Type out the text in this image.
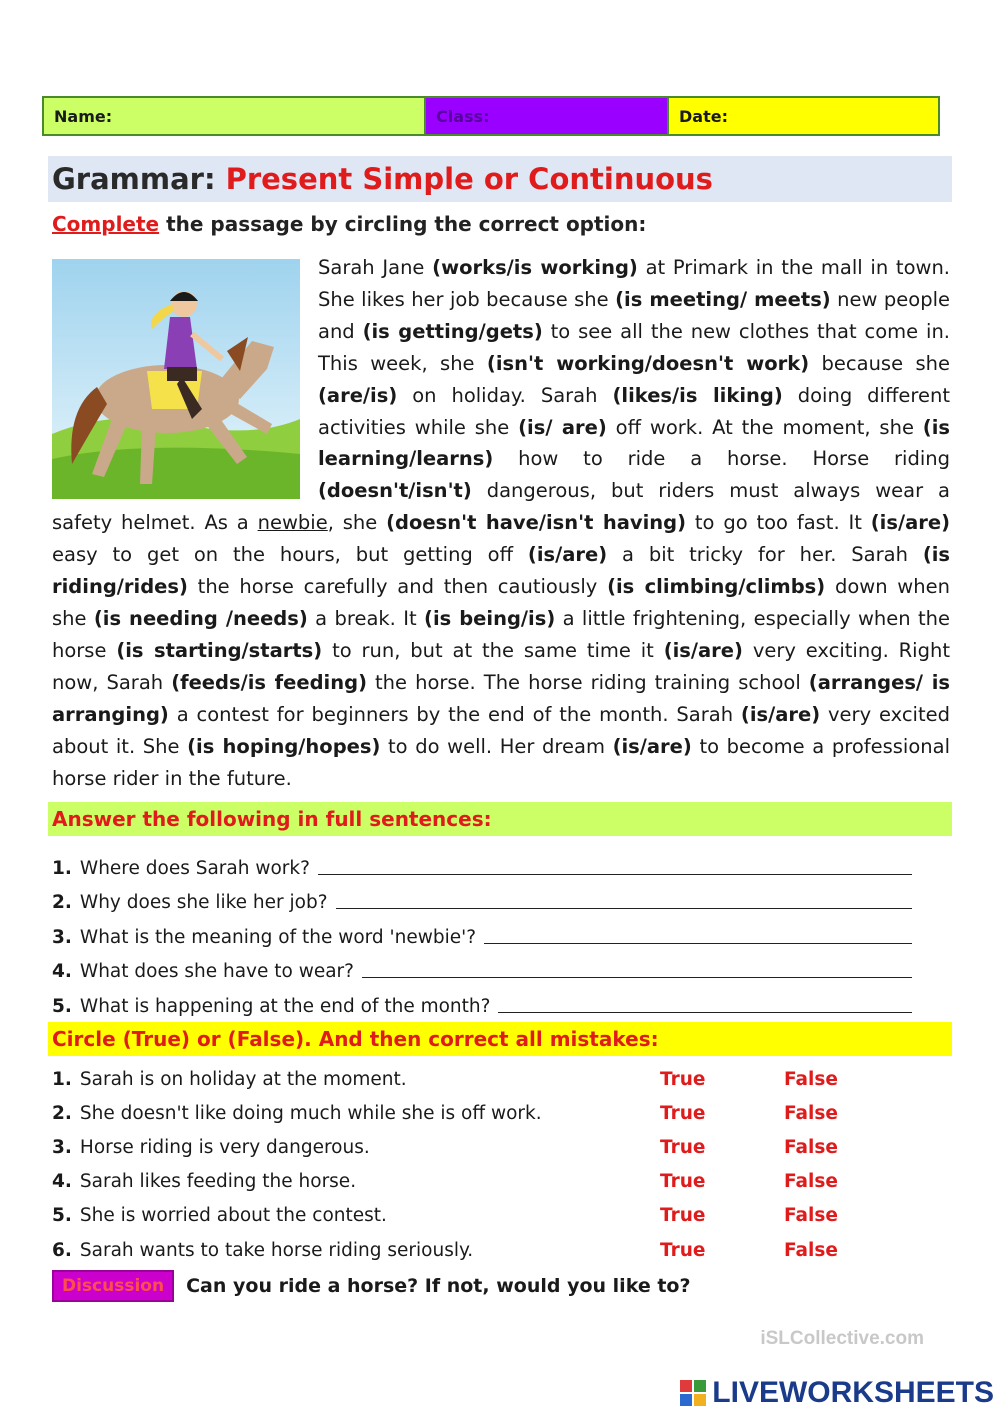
Name:	Class:	Date:
Grammar: Present Simple or Continuous
Complete the passage by circling the correct option:
Sarah Jane (works/is working) at Primark in the mall in town. She likes her job because she (is meeting/ meets) new people and (is getting/gets) to see all the new clothes that come in. This week, she (isn't working/doesn't work) because she (are/is) on holiday. Sarah (likes/is liking) doing different activities while she (is/ are) off work. At the moment, she (is learning/learns) how to ride a horse. Horse riding (doesn't/isn't) dangerous, but riders must always wear a safety helmet. As a newbie, she (doesn't have/isn't having) to go too fast. It (is/are) easy to get on the hours, but getting off (is/are) a bit tricky for her. Sarah (is riding/rides) the horse carefully and then cautiously (is climbing/climbs) down when she (is needing /needs) a break. It (is being/is) a little frightening, especially when the horse (is starting/starts) to run, but at the same time it (is/are) very exciting. Right now, Sarah (feeds/is feeding) the horse. The horse riding training school (arranges/ is arranging) a contest for beginners by the end of the month. Sarah (is/are) very excited about it. She (is hoping/hopes) to do well. Her dream (is/are) to become a professional horse rider in the future.
Answer the following in full sentences:
1. Where does Sarah work?
2. Why does she like her job?
3. What is the meaning of the word 'newbie'?
4. What does she have to wear?
5. What is happening at the end of the month?
Circle (True) or (False). And then correct all mistakes:
1. Sarah is on holiday at the moment.	True	False
2. She doesn't like doing much while she is off work.	True	False
3. Horse riding is very dangerous.	True	False
4. Sarah likes feeding the horse.	True	False
5. She is worried about the contest.	True	False
6. Sarah wants to take horse riding seriously.	True	False
Discussion	Can you ride a horse? If not, would you like to?
iSLCollective.com
LIVEWORKSHEETS
